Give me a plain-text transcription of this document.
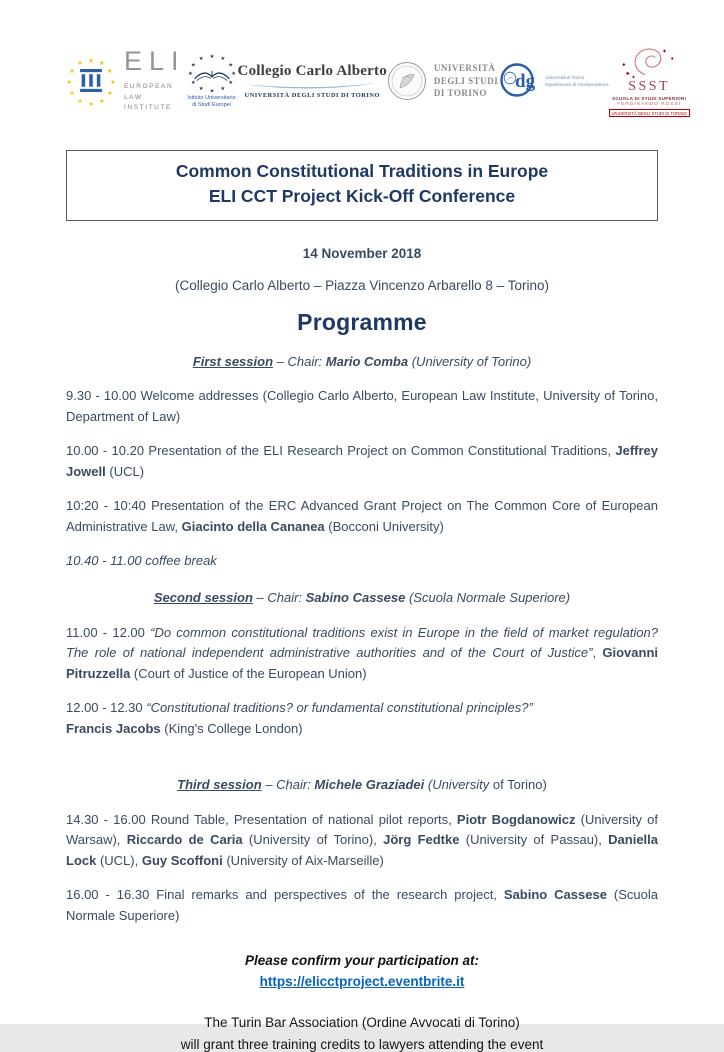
★ ★
★
★
★
★
★
★
★
★
★
★ ELI
EUROPEAN
LAW
INSTITUTE
★ ★
★
★
★
★
★
★
★
★
★
★
Istituto Universitario
di Studi Europei
Collegio Carlo Alberto
UNIVERSITÀ DEGLI STUDI DI TORINO
UNIVERSITÀ
DEGLI STUDI
DI TORINO
dg Università di Torino
Dipartimento di Giurisprudenza SSST
SCUOLA DI STUDI SUPERIORI
FERDINANDO ROSSI
UNIVERSITÀ DEGLI STUDI DI TORINO
Common Constitutional Traditions in Europe
ELI CCT Project Kick-Off Conference

14 November 2018

(Collegio Carlo Alberto – Piazza Vincenzo Arbarello 8 – Torino)

Programme

First session – Chair: Mario Comba (University of Torino)

9.30 - 10.00 Welcome addresses (Collegio Carlo Alberto, European Law Institute, University of Torino, Department of Law)

10.00 - 10.20 Presentation of the ELI Research Project on Common Constitutional Traditions, Jeffrey Jowell (UCL)

10:20 - 10:40 Presentation of the ERC Advanced Grant Project on The Common Core of European Administrative Law, Giacinto della Cananea (Bocconi University)

10.40 - 11.00 coffee break

Second session – Chair: Sabino Cassese (Scuola Normale Superiore)

11.00 - 12.00 “Do common constitutional traditions exist in Europe in the field of market regulation? The role of national independent administrative authorities and of the Court of Justice”, Giovanni Pitruzzella (Court of Justice of the European Union)

12.00 - 12.30 “Constitutional traditions? or fundamental constitutional principles?”
Francis Jacobs (King's College London)

Third session – Chair: Michele Graziadei (University of Torino)

14.30 - 16.00 Round Table, Presentation of national pilot reports, Piotr Bogdanowicz (University of Warsaw), Riccardo de Caria (University of Torino), Jörg Fedtke (University of Passau), Daniella Lock (UCL), Guy Scoffoni (University of Aix-Marseille)

16.00 - 16.30 Final remarks and perspectives of the research project, Sabino Cassese (Scuola Normale Superiore)

Please confirm your participation at:

https://elicctproject.eventbrite.it

The Turin Bar Association (Ordine Avvocati di Torino)

will grant three training credits to lawyers attending the event
